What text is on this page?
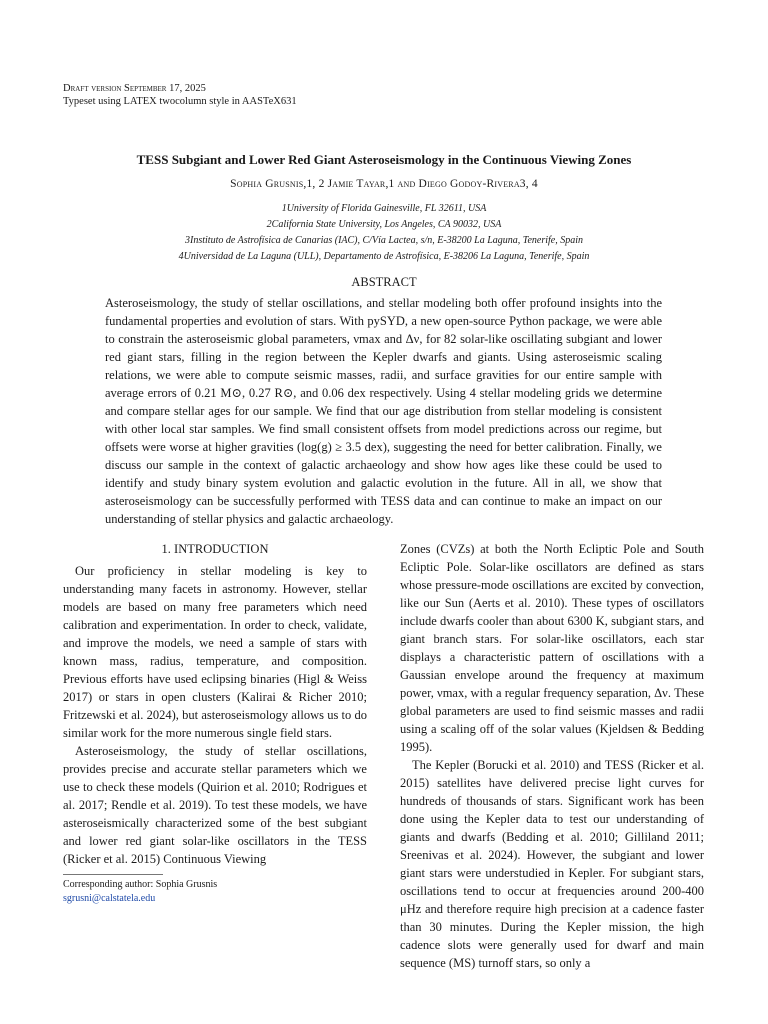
Draft version September 17, 2025
Typeset using LATEX twocolumn style in AASTeX631
TESS Subgiant and Lower Red Giant Asteroseismology in the Continuous Viewing Zones
Sophia Grusnis,1, 2 Jamie Tayar,1 and Diego Godoy-Rivera3, 4
1University of Florida Gainesville, FL 32611, USA
2California State University, Los Angeles, CA 90032, USA
3Instituto de Astrofísica de Canarias (IAC), C/Vía Lactea, s/n, E-38200 La Laguna, Tenerife, Spain
4Universidad de La Laguna (ULL), Departamento de Astrofísica, E-38206 La Laguna, Tenerife, Spain
ABSTRACT

Asteroseismology, the study of stellar oscillations, and stellar modeling both offer profound insights into the fundamental properties and evolution of stars. With pySYD, a new open-source Python package, we were able to constrain the asteroseismic global parameters, νmax and Δν, for 82 solar-like oscillating subgiant and lower red giant stars, filling in the region between the Kepler dwarfs and giants. Using asteroseismic scaling relations, we were able to compute seismic masses, radii, and surface gravities for our entire sample with average errors of 0.21 M⊙, 0.27 R⊙, and 0.06 dex respectively. Using 4 stellar modeling grids we determine and compare stellar ages for our sample. We find that our age distribution from stellar modeling is consistent with other local star samples. We find small consistent offsets from model predictions across our regime, but offsets were worse at higher gravities (log(g) ≥ 3.5 dex), suggesting the need for better calibration. Finally, we discuss our sample in the context of galactic archaeology and show how ages like these could be used to identify and study binary system evolution and galactic evolution in the future. All in all, we show that asteroseismology can be successfully performed with TESS data and can continue to make an impact on our understanding of stellar physics and galactic archaeology.

1. INTRODUCTION

Our proficiency in stellar modeling is key to understanding many facets in astronomy. However, stellar models are based on many free parameters which need calibration and experimentation. In order to check, validate, and improve the models, we need a sample of stars with known mass, radius, temperature, and composition. Previous efforts have used eclipsing binaries (Higl & Weiss 2017) or stars in open clusters (Kalirai & Richer 2010; Fritzewski et al. 2024), but asteroseismology allows us to do similar work for the more numerous single field stars.

Asteroseismology, the study of stellar oscillations, provides precise and accurate stellar parameters which we use to check these models (Quirion et al. 2010; Rodrigues et al. 2017; Rendle et al. 2019). To test these models, we have asteroseismically characterized some of the best subgiant and lower red giant solar-like oscillators in the TESS (Ricker et al. 2015) Continuous Viewing

Zones (CVZs) at both the North Ecliptic Pole and South Ecliptic Pole. Solar-like oscillators are defined as stars whose pressure-mode oscillations are excited by convection, like our Sun (Aerts et al. 2010). These types of oscillators include dwarfs cooler than about 6300 K, subgiant stars, and giant branch stars. For solar-like oscillators, each star displays a characteristic pattern of oscillations with a Gaussian envelope around the frequency at maximum power, νmax, with a regular frequency separation, Δν. These global parameters are used to find seismic masses and radii using a scaling off of the solar values (Kjeldsen & Bedding 1995).

The Kepler (Borucki et al. 2010) and TESS (Ricker et al. 2015) satellites have delivered precise light curves for hundreds of thousands of stars. Significant work has been done using the Kepler data to test our understanding of giants and dwarfs (Bedding et al. 2010; Gilliland 2011; Sreenivas et al. 2024). However, the subgiant and lower giant stars were understudied in Kepler. For subgiant stars, oscillations tend to occur at frequencies around 200-400 μHz and therefore require high precision at a cadence faster than 30 minutes. During the Kepler mission, the high cadence slots were generally used for dwarf and main sequence (MS) turnoff stars, so only a

Corresponding author: Sophia Grusnis
sgrusni@calstatela.edu
